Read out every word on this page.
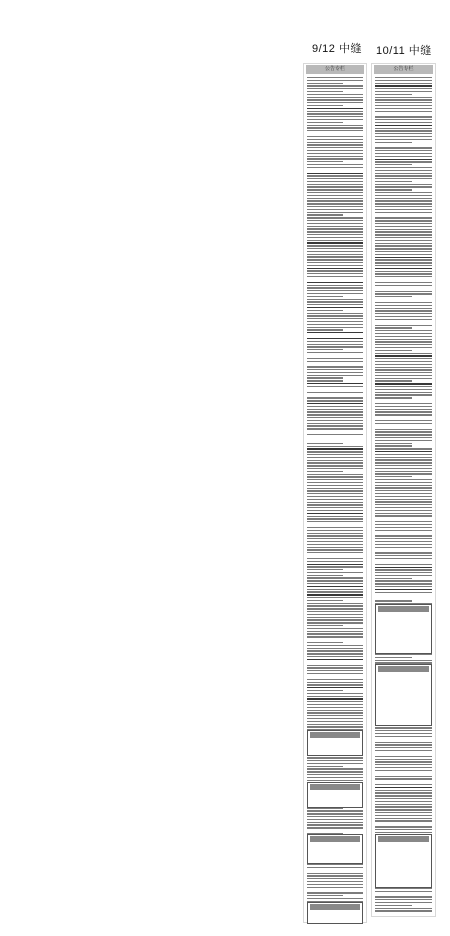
9/12 中缝 10/11 中缝
公告专栏	公告专栏
